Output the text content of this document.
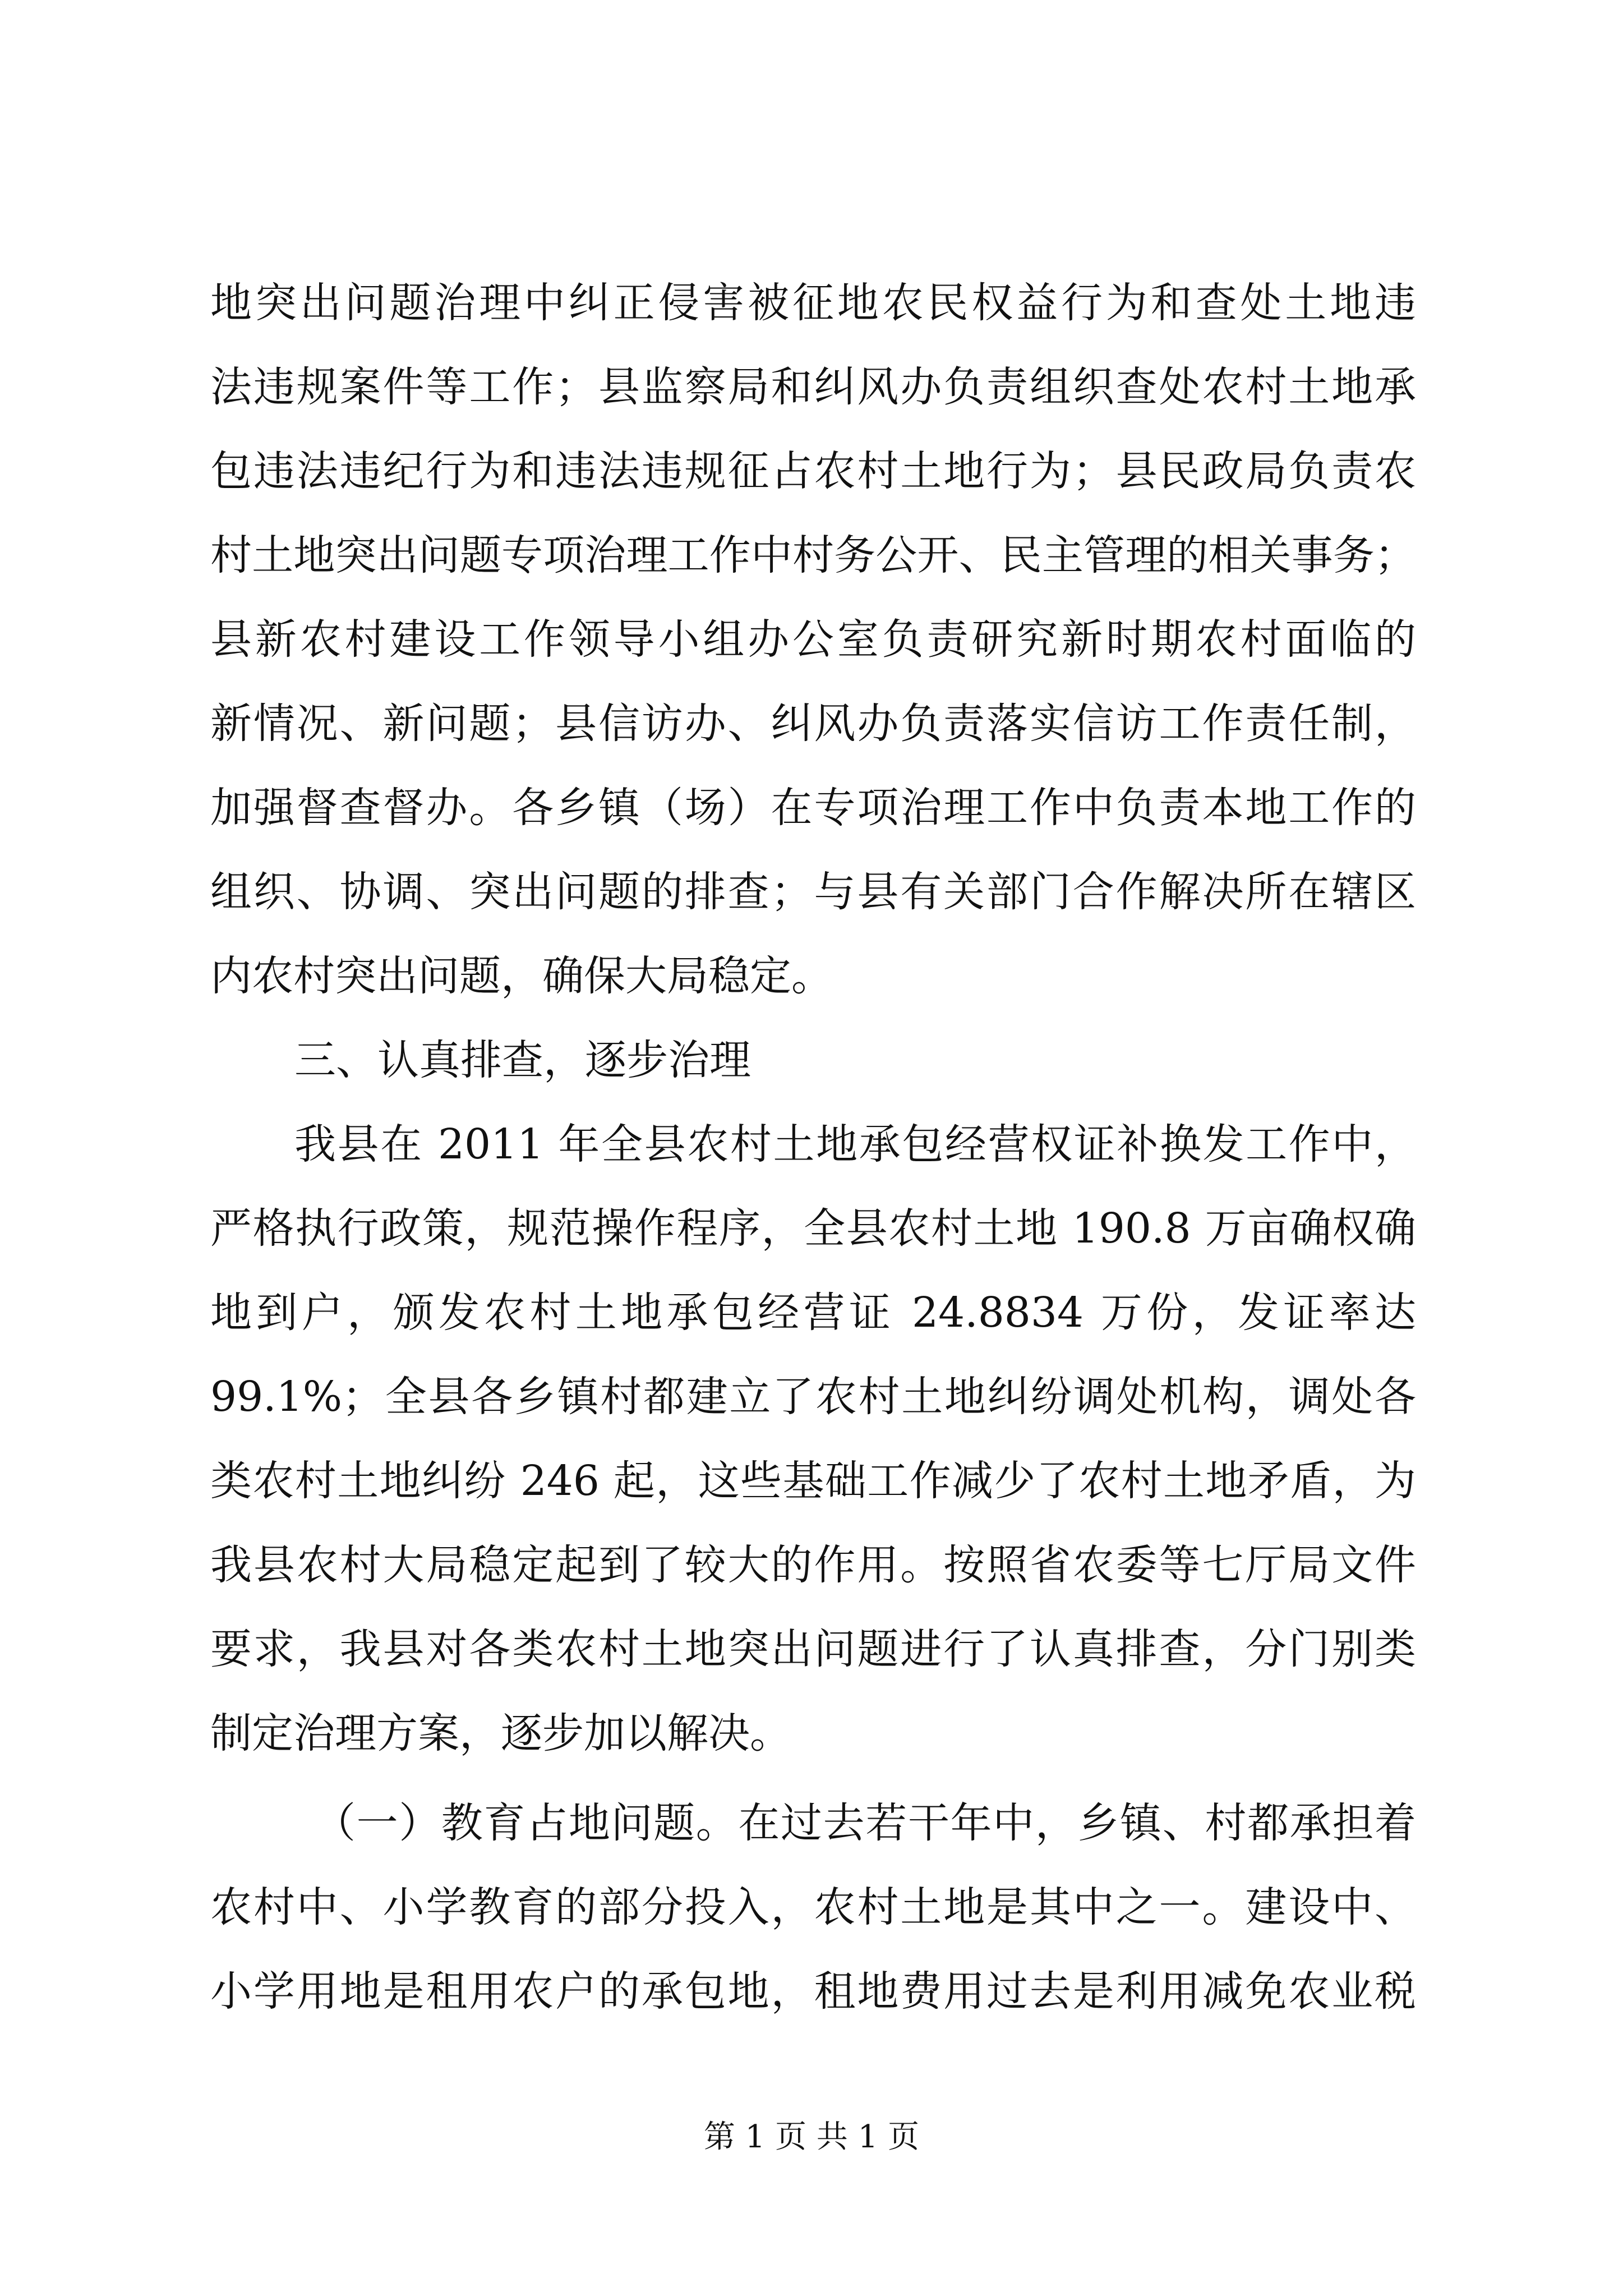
地突出问题治理中纠正侵害被征地农民权益行为和查处土地违
法违规案件等工作；县监察局和纠风办负责组织查处农村土地承
包违法违纪行为和违法违规征占农村土地行为；县民政局负责农
村土地突出问题专项治理工作中村务公开、民主管理的相关事务；
县新农村建设工作领导小组办公室负责研究新时期农村面临的
新情况、新问题；县信访办、纠风办负责落实信访工作责任制，
加强督查督办。各乡镇（场）在专项治理工作中负责本地工作的
组织、协调、突出问题的排查；与县有关部门合作解决所在辖区
内农村突出问题，确保大局稳定。
三、认真排查，逐步治理
我县在 2011 年全县农村土地承包经营权证补换发工作中，
严格执行政策，规范操作程序，全县农村土地 190.8 万亩确权确
地到户，颁发农村土地承包经营证 24.8834 万份，发证率达
99.1%；全县各乡镇村都建立了农村土地纠纷调处机构，调处各
类农村土地纠纷 246 起，这些基础工作减少了农村土地矛盾，为
我县农村大局稳定起到了较大的作用。按照省农委等七厅局文件
要求，我县对各类农村土地突出问题进行了认真排查，分门别类
制定治理方案，逐步加以解决。
（一）教育占地问题。在过去若干年中，乡镇、村都承担着
农村中、小学教育的部分投入，农村土地是其中之一。建设中、
小学用地是租用农户的承包地，租地费用过去是利用减免农业税
第 1 页 共 1 页
